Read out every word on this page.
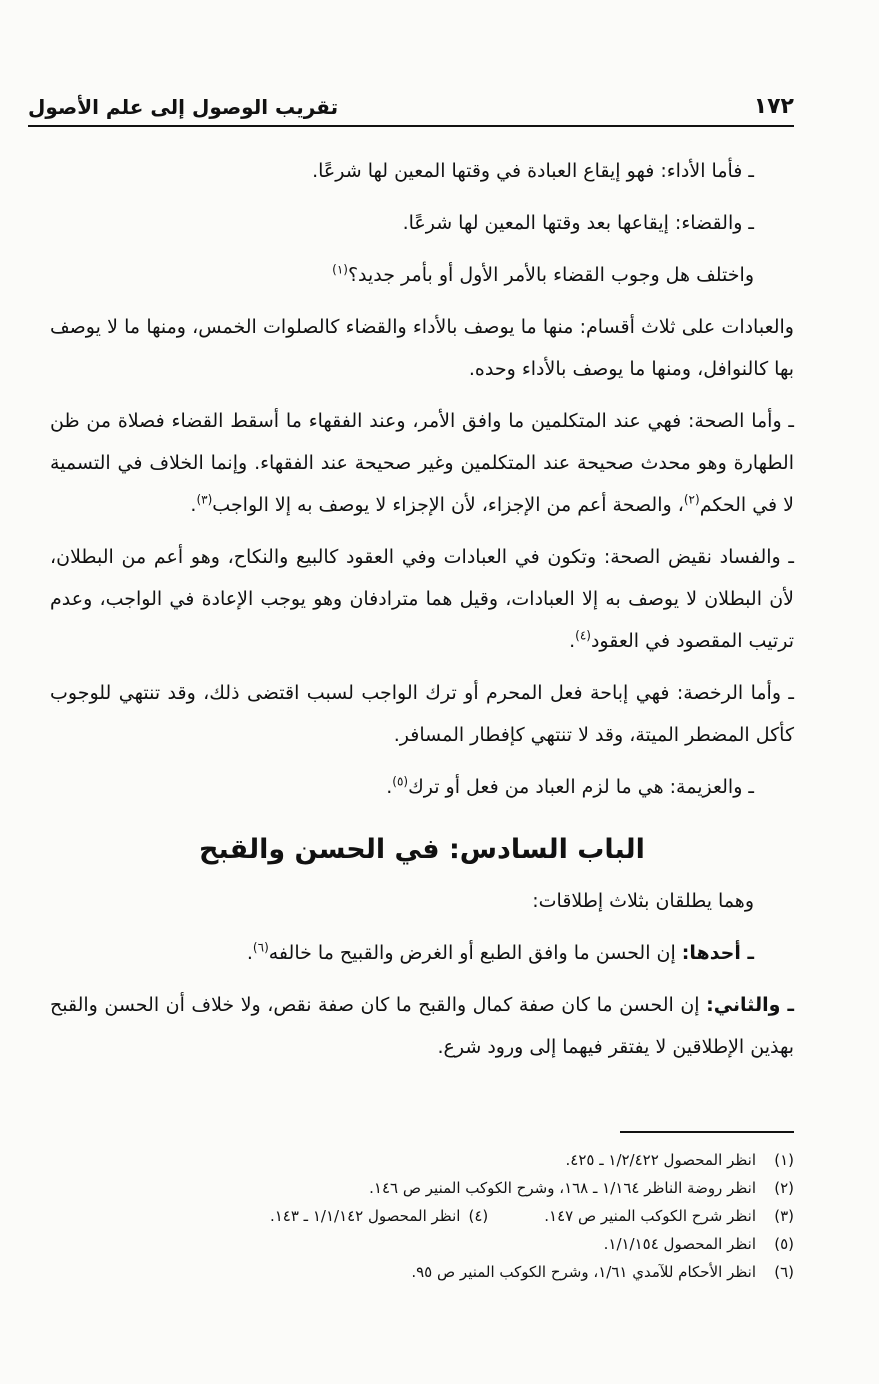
١٧٢
تقريب الوصول إلى علم الأصول

ـ فأما الأداء: فهو إيقاع العبادة في وقتها المعين لها شرعًا.

ـ والقضاء: إيقاعها بعد وقتها المعين لها شرعًا.

واختلف هل وجوب القضاء بالأمر الأول أو بأمر جديد؟$^{(١)}$

والعبادات على ثلاث أقسام: منها ما يوصف بالأداء والقضاء كالصلوات الخمس، ومنها ما لا يوصف بها كالنوافل، ومنها ما يوصف بالأداء وحده.

ـ وأما الصحة: فهي عند المتكلمين ما وافق الأمر، وعند الفقهاء ما أسقط القضاء فصلاة من ظن الطهارة وهو محدث صحيحة عند المتكلمين وغير صحيحة عند الفقهاء. وإنما الخلاف في التسمية لا في الحكم$^{(٢)}$، والصحة أعم من الإجزاء، لأن الإجزاء لا يوصف به إلا الواجب$^{(٣)}$.

ـ والفساد نقيض الصحة: وتكون في العبادات وفي العقود كالبيع والنكاح، وهو أعم من البطلان، لأن البطلان لا يوصف به إلا العبادات، وقيل هما مترادفان وهو يوجب الإعادة في الواجب، وعدم ترتيب المقصود في العقود$^{(٤)}$.

ـ وأما الرخصة: فهي إباحة فعل المحرم أو ترك الواجب لسبب اقتضى ذلك، وقد تنتهي للوجوب كأكل المضطر الميتة، وقد لا تنتهي كإفطار المسافر.

ـ والعزيمة: هي ما لزم العباد من فعل أو ترك$^{(٥)}$.

الباب السادس: في الحسن والقبح

وهما يطلقان بثلاث إطلاقات:

ـ أحدها: إن الحسن ما وافق الطبع أو الغرض والقبيح ما خالفه$^{(٦)}$.

ـ والثاني: إن الحسن ما كان صفة كمال والقبح ما كان صفة نقص، ولا خلاف أن الحسن والقبح بهذين الإطلاقين لا يفتقر فيهما إلى ورود شرع.

(١)
انظر المحصول ١/٢/٤٢٢ ـ ٤٢٥.
(٢)
انظر روضة الناظر ١/١٦٤ ـ ١٦٨، وشرح الكوكب المنير ص ١٤٦.
(٣)
انظر شرح الكوكب المنير ص ١٤٧.
(٤)
انظر المحصول ١/١/١٤٢ ـ ١٤٣.
(٥)
انظر المحصول ١/١/١٥٤.
(٦)
انظر الأحكام للآمدي ١/٦١، وشرح الكوكب المنير ص ٩٥.
